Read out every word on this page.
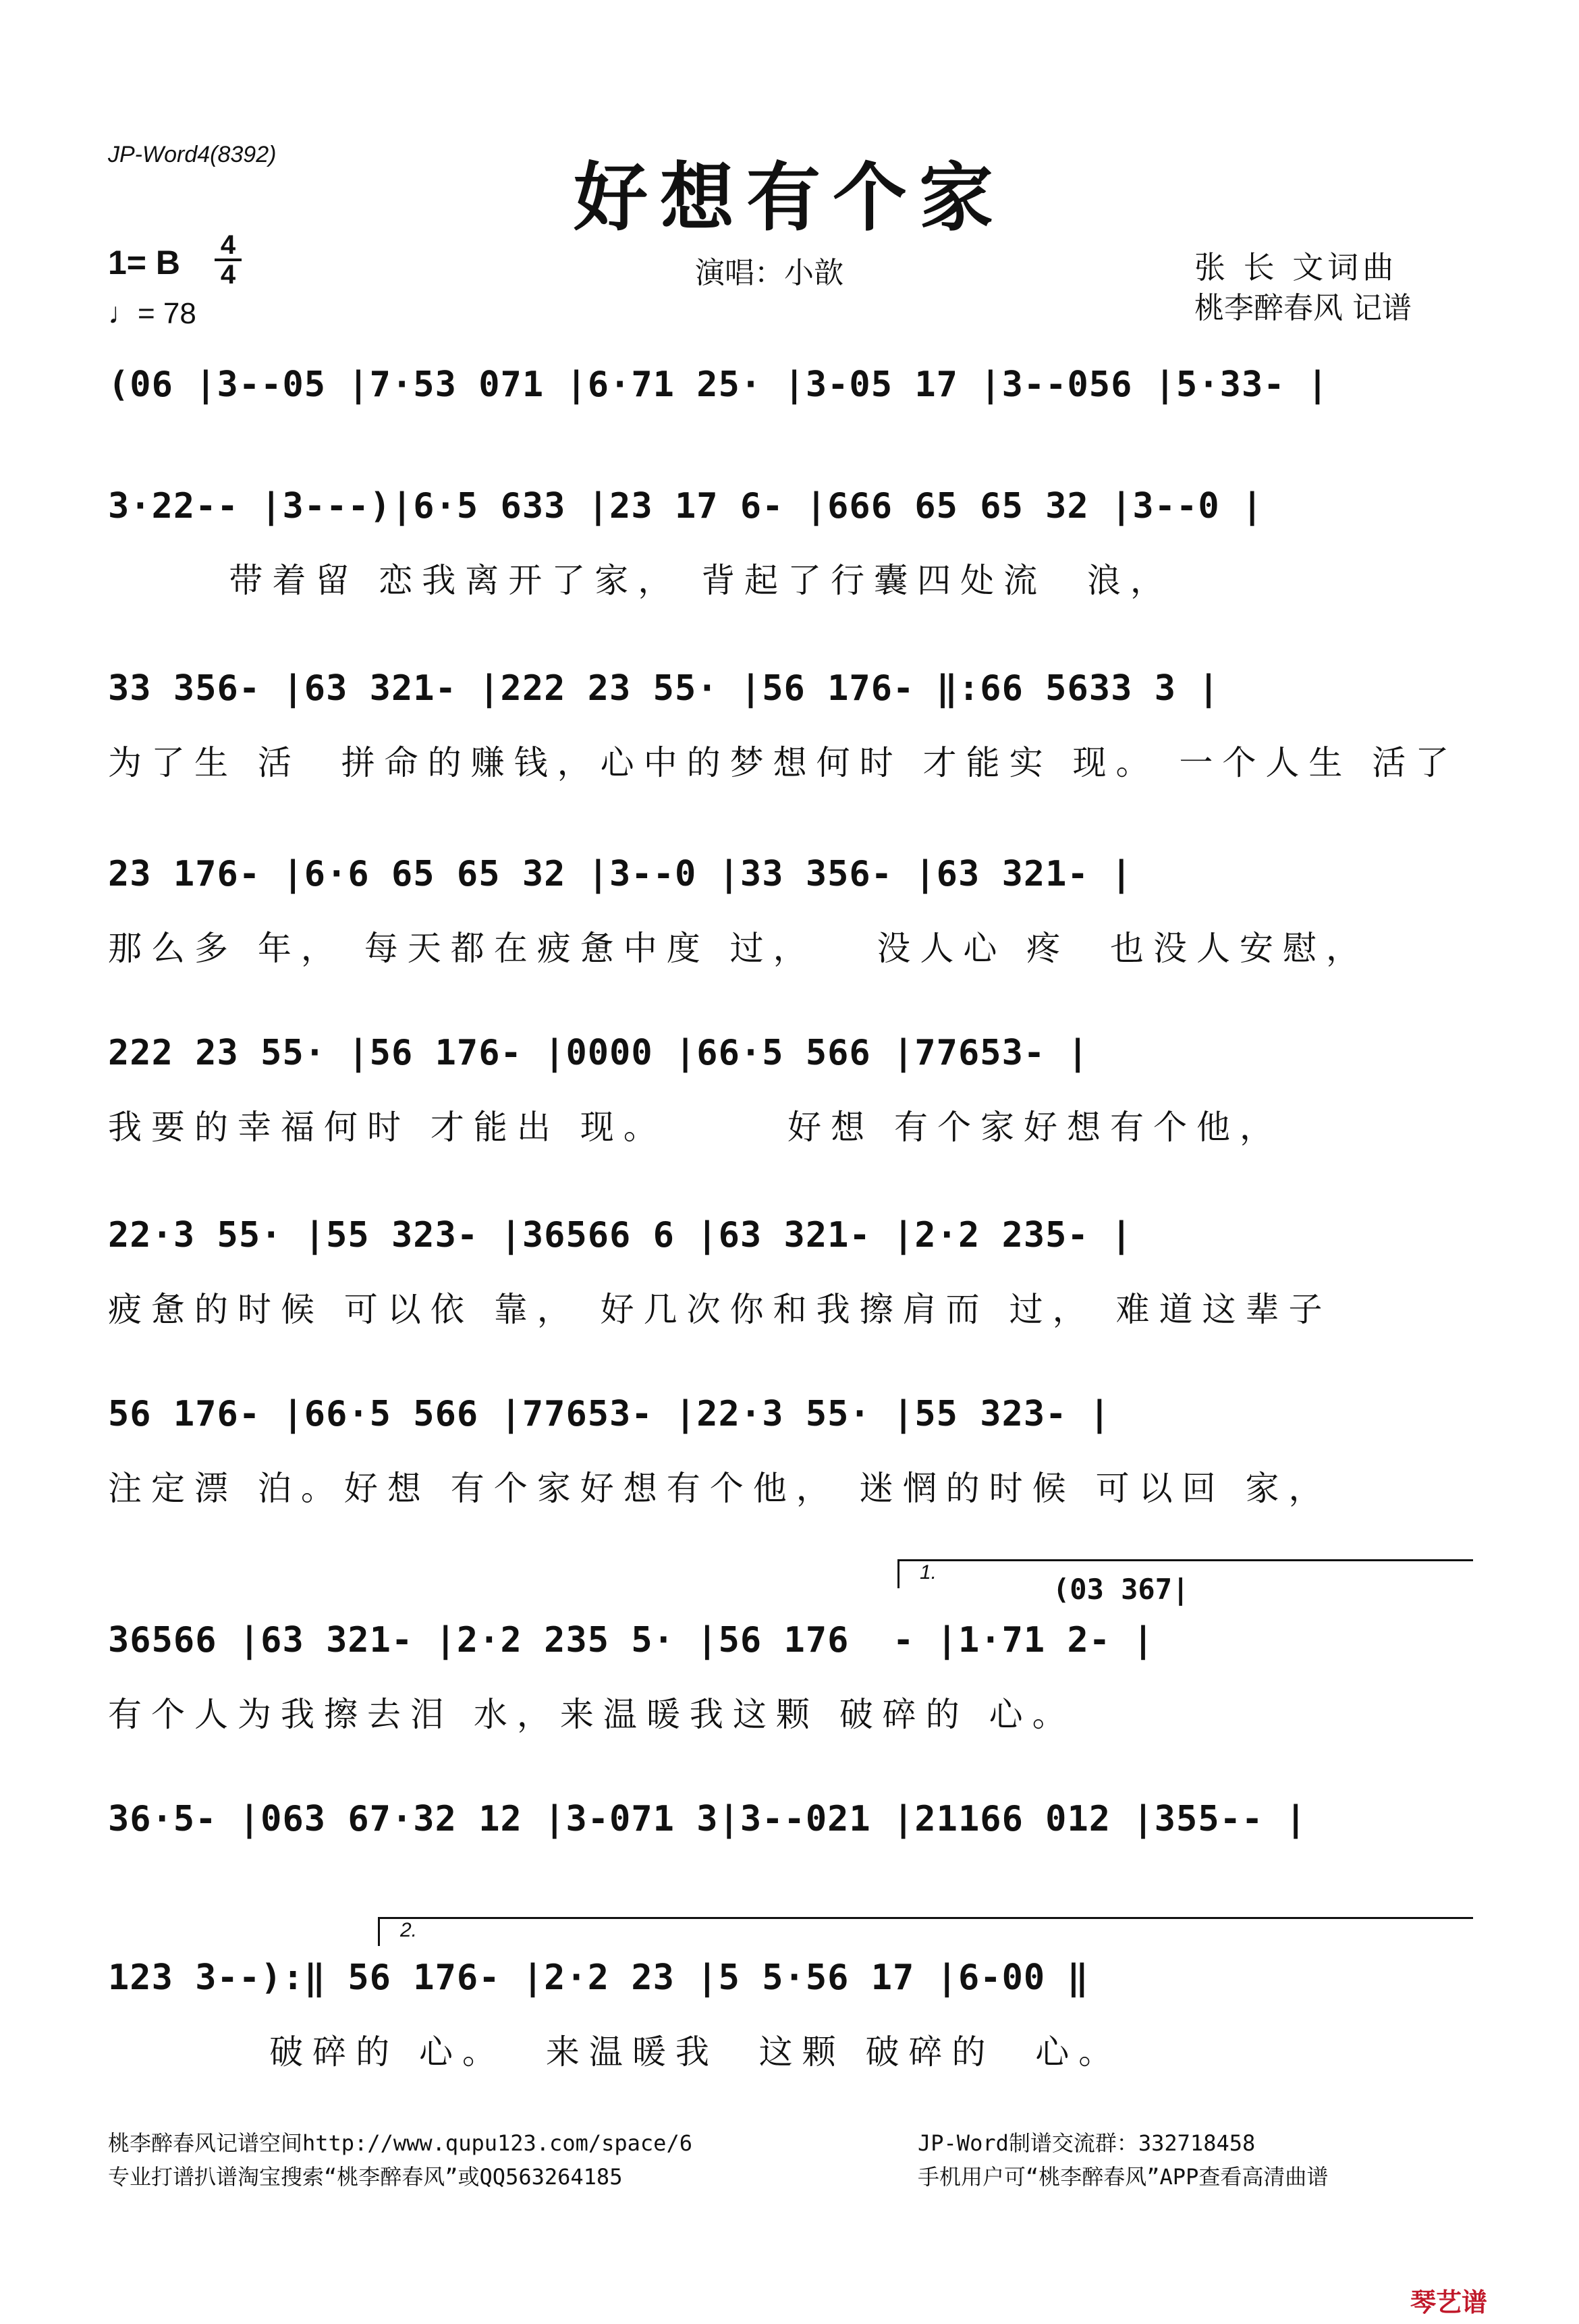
JP-Word4(8392)	好想有个家
1= B 4
4
♩= 78
演唱：小歆	张 长 文词曲
桃李醉春风 记谱
(06 |3--05 |7·53 071 |6·71 25· |3-05 17 |3--056 |5·33- |
3·22-- |3---)|6·5 633 |23 17 6- |666 65 65 32 |3--0 |
带着留 恋我离开了家， 背起了行囊四处流  浪，
33 356- |63 321- |222 23 55· |56 176- ‖:66 5633 3 |
为了生 活  拼命的赚钱，心中的梦想何时 才能实 现。 一个人生 活了
23 176- |6·6 65 65 32 |3--0 |33 356- |63 321- |
那么多 年， 每天都在疲惫中度 过，   没人心 疼  也没人安慰，
222 23 55· |56 176- |0000 |66·5 566 |77653- |
我要的幸福何时 才能出 现。      好想 有个家好想有个他，
22·3 55· |55 323- |36566 6 |63 321- |2·2 235- |
疲惫的时候 可以依 靠， 好几次你和我擦肩而 过， 难道这辈子
56 176- |66·5 566 |77653- |22·3 55· |55 323- |
注定漂 泊。好想 有个家好想有个他， 迷惘的时候 可以回 家，
1.
(03 367|
36566 |63 321- |2·2 235 5· |56 176  - |1·71 2- |
有个人为我擦去泪 水，来温暖我这颗 破碎的 心。
36·5- |063 67·32 12 |3-071 3|3--021 |21166 012 |355-- |
2.
123 3--):‖ 56 176- |2·2 23 |5 5·56 17 |6-00 ‖
破碎的 心。  来温暖我  这颗 破碎的  心。
桃李醉春风记谱空间http://www.qupu123.com/space/6
专业打谱扒谱淘宝搜索“桃李醉春风”或QQ563264185
JP-Word制谱交流群：332718458
手机用户可“桃李醉春风”APP查看高清曲谱
琴艺谱
